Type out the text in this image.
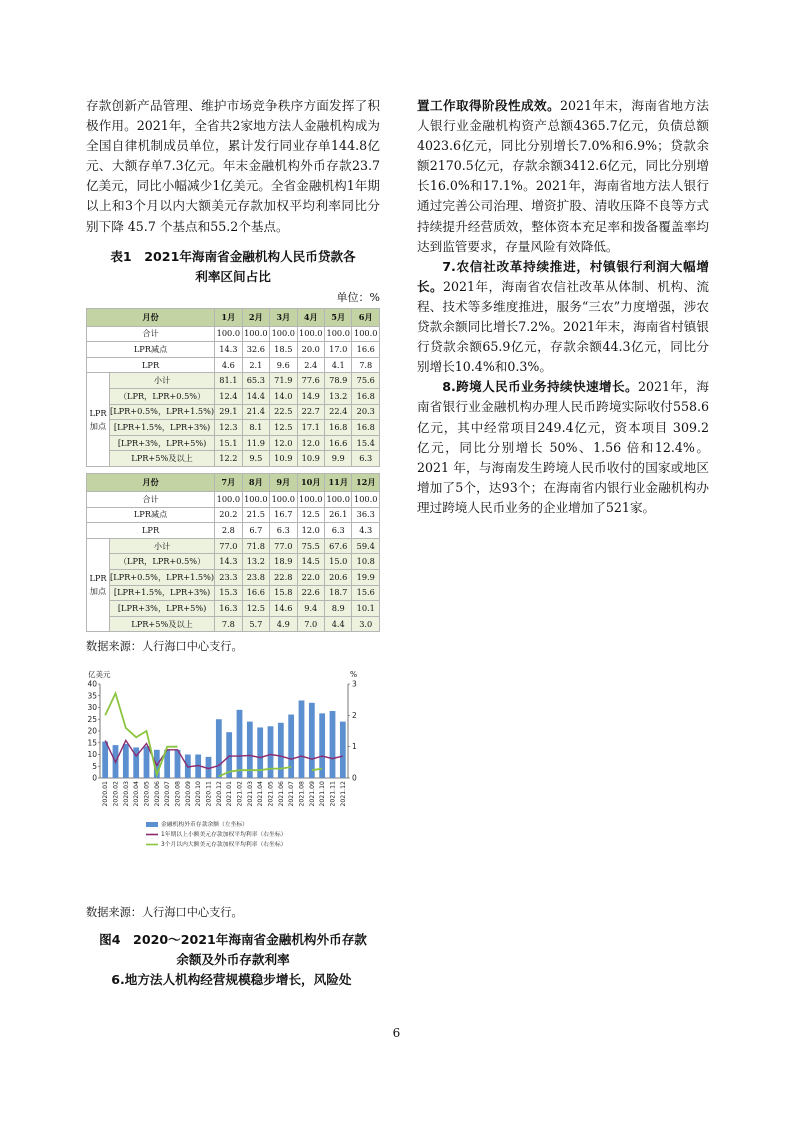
存款创新产品管理、维护市场竞争秩序方面发挥了积极作用。2021年，全省共2家地方法人金融机构成为全国自律机制成员单位，累计发行同业存单144.8亿元、大额存单7.3亿元。年末金融机构外币存款23.7亿美元，同比小幅减少1亿美元。全省金融机构1年期以上和3个月以内大额美元存款加权平均利率同比分别下降 45.7 个基点和55.2个基点。

表1　2021年海南省金融机构人民币贷款各

利率区间占比

单位：%

月份		1月	2月	3月	4月	5月	6月
合计		100.0	100.0	100.0	100.0	100.0	100.0
LPR减点		14.3	32.6	18.5	20.0	17.0	16.6
LPR		4.6	2.1	9.6	2.4	4.1	7.8
LPR加点	小计	81.1	65.3	71.9	77.6	78.9	75.6
	（LPR，LPR+0.5%）	12.4	14.4	14.0	14.9	13.2	16.8
	[LPR+0.5%，LPR+1.5%)	29.1	21.4	22.5	22.7	22.4	20.3
	[LPR+1.5%，LPR+3%)	12.3	8.1	12.5	17.1	16.8	16.8
	[LPR+3%，LPR+5%)	15.1	11.9	12.0	12.0	16.6	15.4
	LPR+5%及以上	12.2	9.5	10.9	10.9	9.9	6.3
月份		7月	8月	9月	10月	11月	12月
合计		100.0	100.0	100.0	100.0	100.0	100.0
LPR减点		20.2	21.5	16.7	12.5	26.1	36.3
LPR		2.8	6.7	6.3	12.0	6.3	4.3
LPR加点	小计	77.0	71.8	77.0	75.5	67.6	59.4
	（LPR，LPR+0.5%）	14.3	13.2	18.9	14.5	15.0	10.8
	[LPR+0.5%，LPR+1.5%)	23.3	23.8	22.8	22.0	20.6	19.9
	[LPR+1.5%，LPR+3%)	15.3	16.6	15.8	22.6	18.7	15.6
	[LPR+3%，LPR+5%)	16.3	12.5	14.6	9.4	8.9	10.1
	LPR+5%及以上	7.8	5.7	4.9	7.0	4.4	3.0

数据来源：人行海口中心支行。

0
5
10
15
20
25
30
35
40
0
1
2
3
亿美元	%
2020.01 2020.02 2020.03 2020.04 2020.05 2020.06 2020.07 2020.08 2020.09 2020.10 2020.11 2020.12 2021.01 2021.02 2021.03 2021.04 2021.05 2021.06 2021.07 2021.08 2021.09 2021.10 2021.11 2021.12
金融机构外币存款余额（左坐标）
1年期以上小额美元存款加权平均利率（右坐标）
3个月以内大额美元存款加权平均利率（右坐标）

数据来源：人行海口中心支行。

图4　2020～2021年海南省金融机构外币存款

余额及外币存款利率

6.地方法人机构经营规模稳步增长，风险处

置工作取得阶段性成效。2021年末，海南省地方法人银行业金融机构资产总额4365.7亿元，负债总额4023.6亿元，同比分别增长7.0%和6.9%；贷款余额2170.5亿元，存款余额3412.6亿元，同比分别增长16.0%和17.1%。2021年，海南省地方法人银行通过完善公司治理、增资扩股、清收压降不良等方式持续提升经营质效，整体资本充足率和拨备覆盖率均达到监管要求，存量风险有效降低。

7.农信社改革持续推进，村镇银行利润大幅增长。2021年，海南省农信社改革从体制、机构、流程、技术等多维度推进，服务“三农”力度增强，涉农贷款余额同比增长7.2%。2021年末，海南省村镇银行贷款余额65.9亿元，存款余额44.3亿元，同比分别增长10.4%和0.3%。

8.跨境人民币业务持续快速增长。2021年，海南省银行业金融机构办理人民币跨境实际收付558.6亿元，其中经常项目249.4亿元，资本项目 309.2 亿元，同比分别增长 50%、1.56 倍和12.4%。2021 年，与海南发生跨境人民币收付的国家或地区增加了5个，达93个；在海南省内银行业金融机构办理过跨境人民币业务的企业增加了521家。

6
